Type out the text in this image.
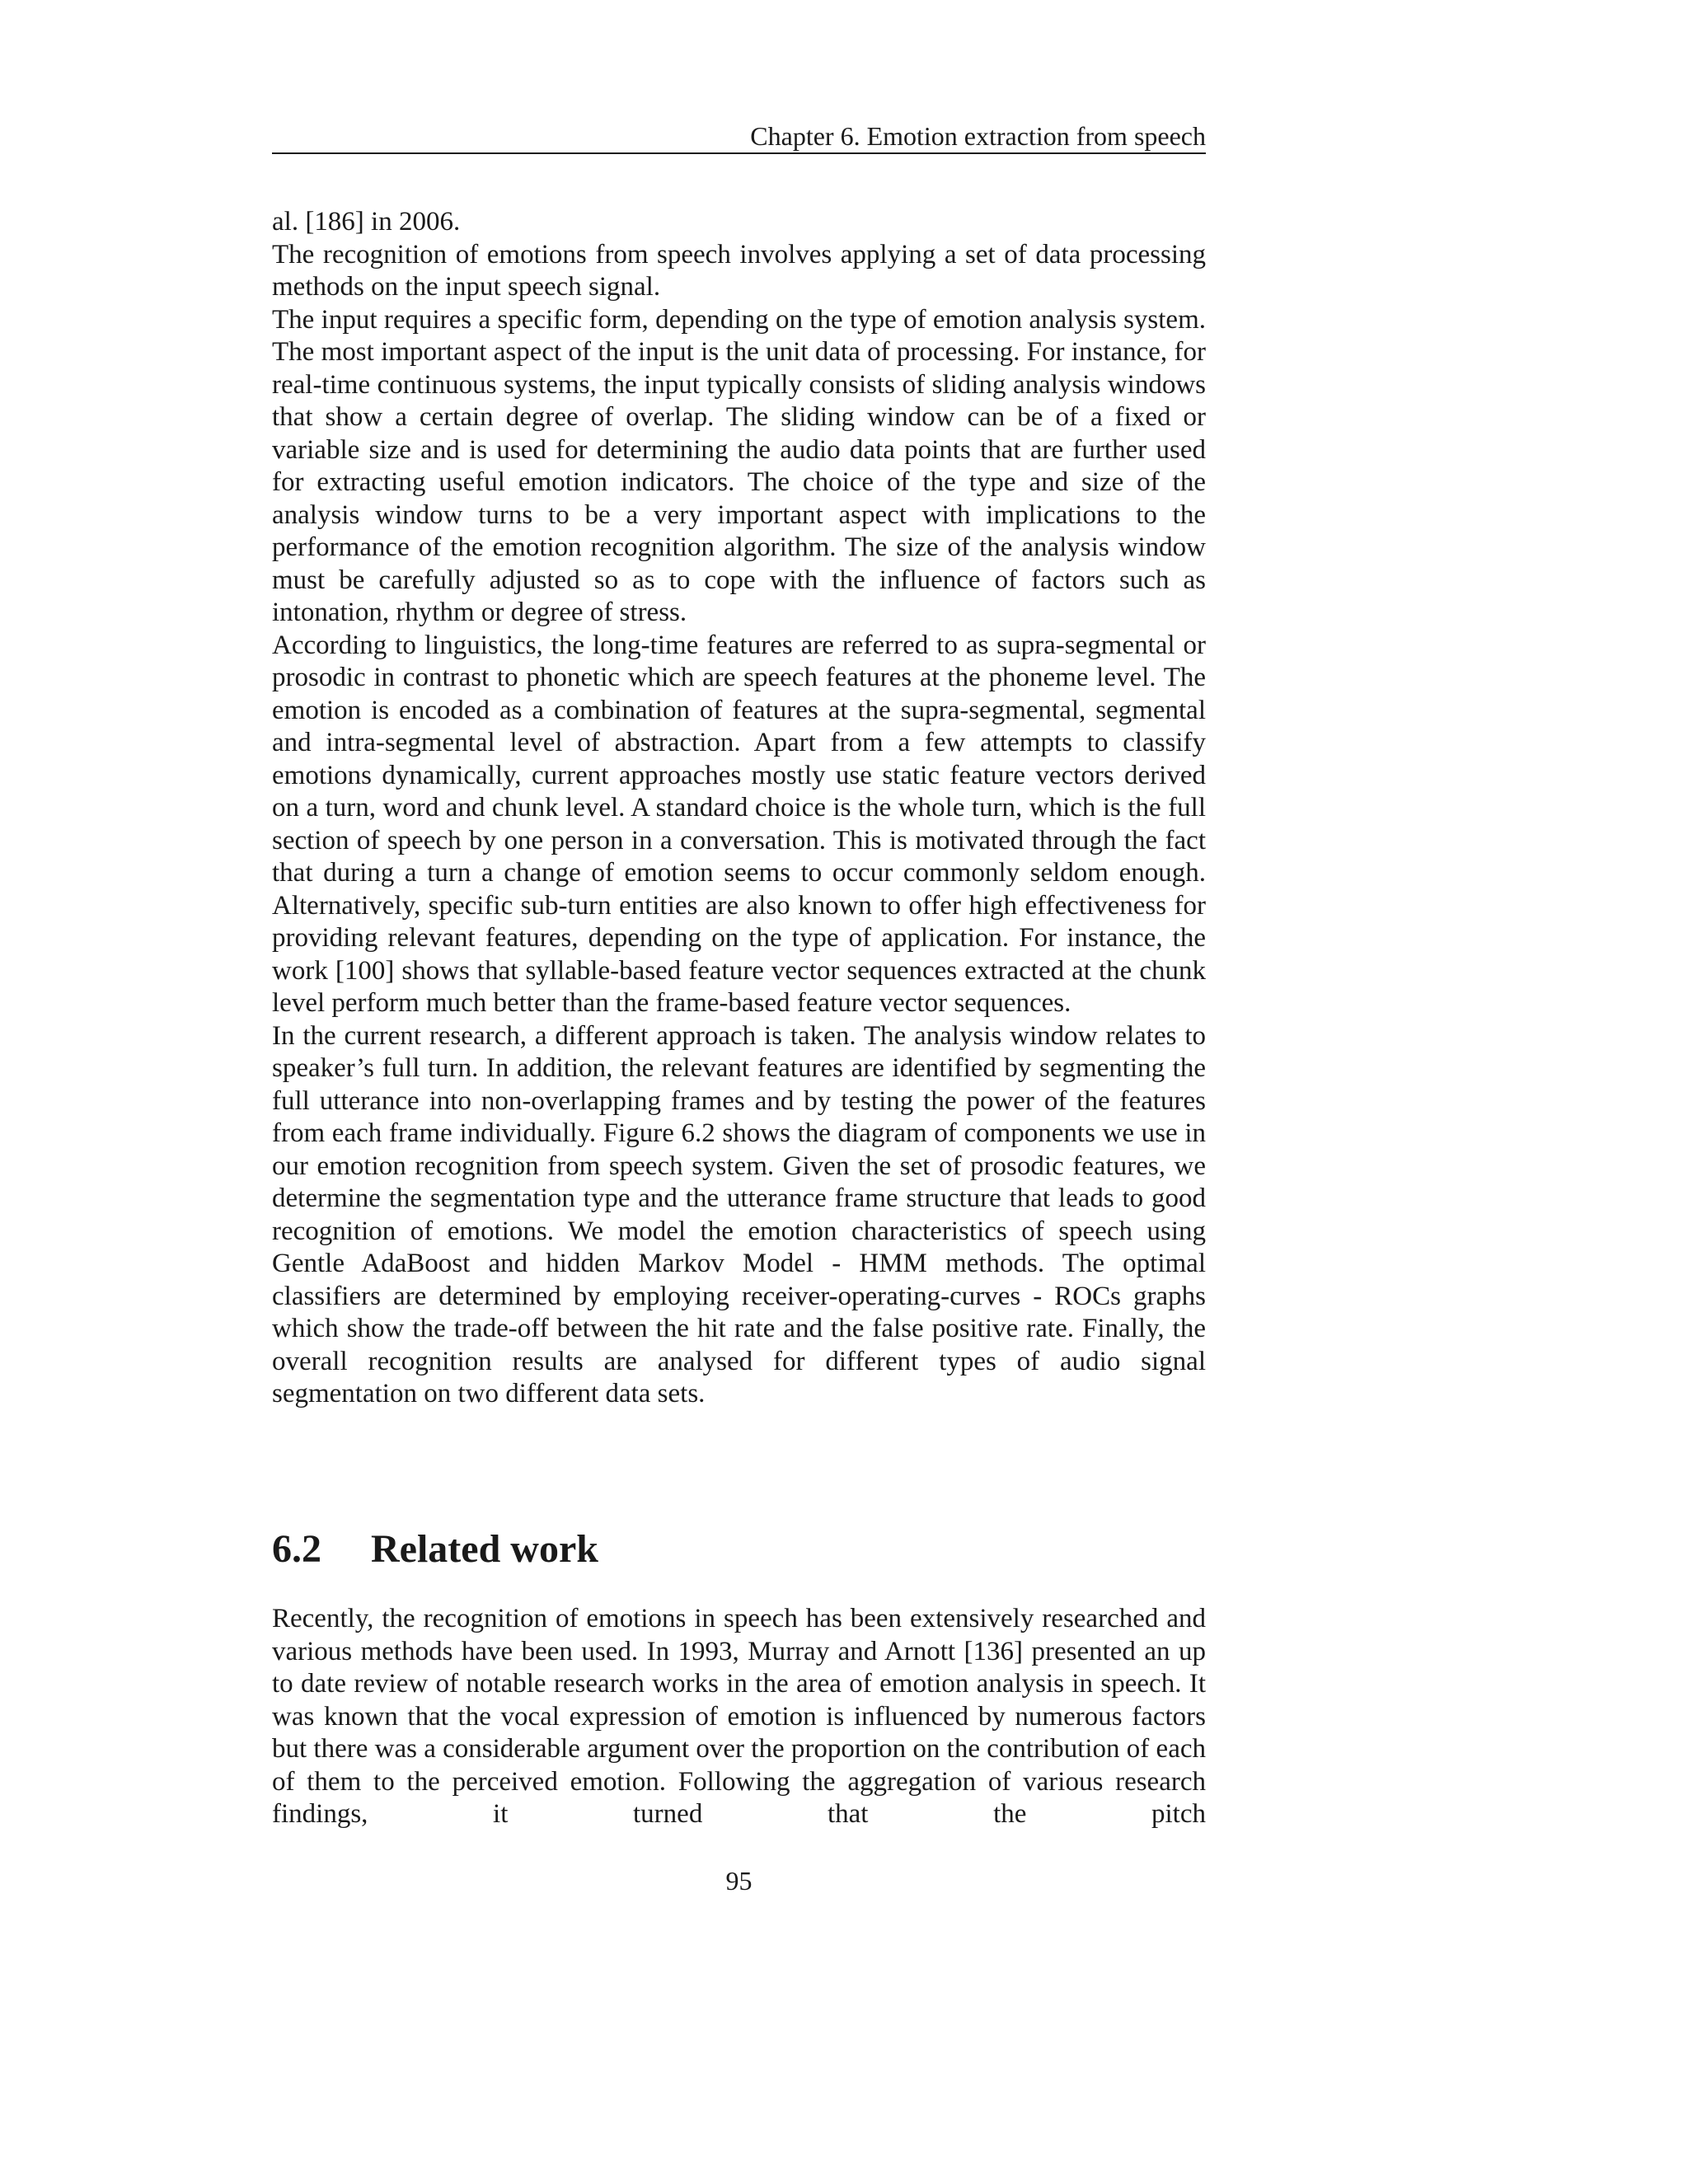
Chapter 6. Emotion extraction from speech

al. [186] in 2006.

The recognition of emotions from speech involves applying a set of data processing methods on the input speech signal.

The input requires a specific form, depending on the type of emotion analysis system. The most important aspect of the input is the unit data of processing. For instance, for real-time continuous systems, the input typically consists of sliding analysis windows that show a certain degree of overlap. The sliding window can be of a fixed or variable size and is used for determining the audio data points that are further used for extracting useful emotion indicators. The choice of the type and size of the analysis window turns to be a very important aspect with implications to the performance of the emotion recognition algorithm. The size of the analysis window must be carefully adjusted so as to cope with the influence of factors such as intonation, rhythm or degree of stress.

According to linguistics, the long-time features are referred to as supra-segmental or prosodic in contrast to phonetic which are speech features at the phoneme level. The emotion is encoded as a combination of features at the supra-segmental, segmental and intra-segmental level of abstraction. Apart from a few attempts to classify emotions dynamically, current approaches mostly use static feature vectors derived on a turn, word and chunk level. A standard choice is the whole turn, which is the full section of speech by one person in a conversation. This is motivated through the fact that during a turn a change of emotion seems to occur commonly seldom enough. Alternatively, specific sub-turn entities are also known to offer high effectiveness for providing relevant features, depending on the type of application. For instance, the work [100] shows that syllable-based feature vector sequences extracted at the chunk level perform much better than the frame-based feature vector sequences.

In the current research, a different approach is taken. The analysis window relates to speaker’s full turn. In addition, the relevant features are identified by segmenting the full utterance into non-overlapping frames and by testing the power of the features from each frame individually. Figure 6.2 shows the diagram of components we use in our emotion recognition from speech system. Given the set of prosodic features, we determine the segmentation type and the utterance frame structure that leads to good recognition of emotions. We model the emotion characteristics of speech using Gentle AdaBoost and hidden Markov Model - HMM methods. The optimal classifiers are determined by employing receiver-operating-curves - ROCs graphs which show the trade-off between the hit rate and the false positive rate. Finally, the overall recognition results are analysed for different types of audio signal segmentation on two different data sets.

6.2 Related work

Recently, the recognition of emotions in speech has been extensively researched and various methods have been used. In 1993, Murray and Arnott [136] presented an up to date review of notable research works in the area of emotion analysis in speech. It was known that the vocal expression of emotion is influenced by numerous factors but there was a considerable argument over the proportion on the contribution of each of them to the perceived emotion. Following the aggregation of various research findings, it turned that the pitch

95
